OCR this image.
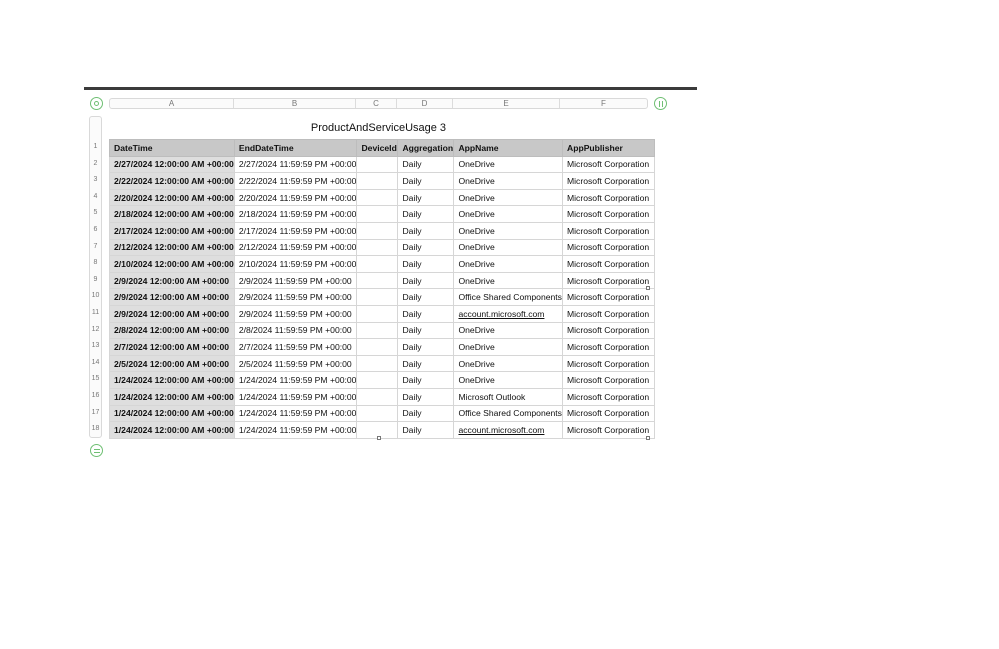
A	B	C	D	E	F
ProductAndServiceUsage 3
1
2
3
4
5
6
7
8
9
10
11
12
13
14
15
16
17
18
DateTime	EndDateTime	DeviceId	Aggregation	AppName	AppPublisher
2/27/2024 12:00:00 AM +00:00	2/27/2024 11:59:59 PM +00:00		Daily	OneDrive	Microsoft Corporation
2/22/2024 12:00:00 AM +00:00	2/22/2024 11:59:59 PM +00:00		Daily	OneDrive	Microsoft Corporation
2/20/2024 12:00:00 AM +00:00	2/20/2024 11:59:59 PM +00:00		Daily	OneDrive	Microsoft Corporation
2/18/2024 12:00:00 AM +00:00	2/18/2024 11:59:59 PM +00:00		Daily	OneDrive	Microsoft Corporation
2/17/2024 12:00:00 AM +00:00	2/17/2024 11:59:59 PM +00:00		Daily	OneDrive	Microsoft Corporation
2/12/2024 12:00:00 AM +00:00	2/12/2024 11:59:59 PM +00:00		Daily	OneDrive	Microsoft Corporation
2/10/2024 12:00:00 AM +00:00	2/10/2024 11:59:59 PM +00:00		Daily	OneDrive	Microsoft Corporation
2/9/2024 12:00:00 AM +00:00	2/9/2024 11:59:59 PM +00:00		Daily	OneDrive	Microsoft Corporation
2/9/2024 12:00:00 AM +00:00	2/9/2024 11:59:59 PM +00:00		Daily	Office Shared Components	Microsoft Corporation
2/9/2024 12:00:00 AM +00:00	2/9/2024 11:59:59 PM +00:00		Daily	account.microsoft.com	Microsoft Corporation
2/8/2024 12:00:00 AM +00:00	2/8/2024 11:59:59 PM +00:00		Daily	OneDrive	Microsoft Corporation
2/7/2024 12:00:00 AM +00:00	2/7/2024 11:59:59 PM +00:00		Daily	OneDrive	Microsoft Corporation
2/5/2024 12:00:00 AM +00:00	2/5/2024 11:59:59 PM +00:00		Daily	OneDrive	Microsoft Corporation
1/24/2024 12:00:00 AM +00:00	1/24/2024 11:59:59 PM +00:00		Daily	OneDrive	Microsoft Corporation
1/24/2024 12:00:00 AM +00:00	1/24/2024 11:59:59 PM +00:00		Daily	Microsoft Outlook	Microsoft Corporation
1/24/2024 12:00:00 AM +00:00	1/24/2024 11:59:59 PM +00:00		Daily	Office Shared Components	Microsoft Corporation
1/24/2024 12:00:00 AM +00:00	1/24/2024 11:59:59 PM +00:00		Daily	account.microsoft.com	Microsoft Corporation
